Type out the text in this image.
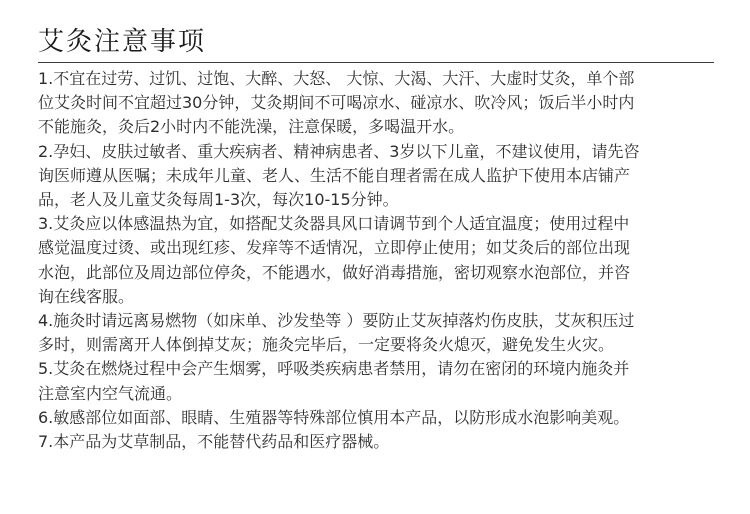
艾灸注意事项
1.不宜在过劳、过饥、过饱、大醉、大怒、 大惊、大渴、大汗、大虚时艾灸，单个部
位艾灸时间不宜超过30分钟，艾灸期间不可喝凉水、碰凉水、吹冷风；饭后半小时内
不能施灸，灸后2小时内不能洗澡，注意保暖，多喝温开水。
2.孕妇、皮肤过敏者、重大疾病者、精神病患者、3岁以下儿童，不建议使用，请先咨
询医师遵从医嘱；未成年儿童、老人、生活不能自理者需在成人监护下使用本店铺产
品，老人及儿童艾灸每周1-3次，每次10-15分钟。
3.艾灸应以体感温热为宜，如搭配艾灸器具风口请调节到个人适宜温度；使用过程中
感觉温度过烫、或出现红疹、发痒等不适情况，立即停止使用；如艾灸后的部位出现
水泡，此部位及周边部位停灸，不能遇水，做好消毒措施，密切观察水泡部位，并咨
询在线客服。
4.施灸时请远离易燃物（如床单、沙发垫等 ）要防止艾灰掉落灼伤皮肤，艾灰积压过
多时，则需离开人体倒掉艾灰；施灸完毕后，一定要将灸火熄灭，避免发生火灾。
5.艾灸在燃烧过程中会产生烟雾，呼吸类疾病患者禁用，请勿在密闭的环境内施灸并
注意室内空气流通。
6.敏感部位如面部、眼睛、生殖器等特殊部位慎用本产品，以防形成水泡影响美观。
7.本产品为艾草制品，不能替代药品和医疗器械。
